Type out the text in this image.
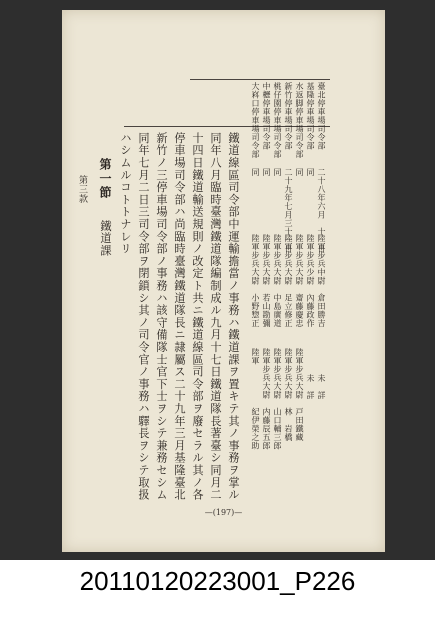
臺北停車場司令部
基隆停車場司令部
水返脚停車場司令部
新竹停車場司令部
桃仔園停車場司令部
中櫪停車場司令部
大嵙口停車場司令部
二十八年六月　十　日
同
同
二十九年七月三十一日
同
同
同
陸軍步兵中尉　倉田勝吉
陸軍步兵少尉　內藤政作
陸軍步兵大尉　齋藤慶忠
陸軍步兵大尉　足立修正
陸軍步兵大尉　中島廣道
陸軍步兵大尉　若山勘彌
陸軍步兵大尉　小野惣正
未　詳
未　詳
陸軍步兵大尉　戸田鐵藏
陸軍步兵大尉　林　岩橋
陸軍步兵大尉　山口輔三郎
陸軍步兵大尉　内藤辰五郎
陸軍　　　　　紀伊榮之助
鐵道線區司令部中運輸擔當ノ事務ハ鐵道課ヲ置キテ其ノ事務ヲ掌ル
同年八月臨時臺灣鐵道隊編制成ル九月十七日鐵道隊長著臺シ同月二
十四日鐵道輸送規則ノ改定ト共ニ鐵道線區司令部ヲ廢セラル其ノ各
停車場司令部ハ尚臨時臺灣鐵道隊長ニ隷屬ス二十九年三月基隆臺北
新竹ノ三停車場司令部ノ事務ハ該守備隊士官下士ヲシテ兼務セシム
同年七月二日三司令部ヲ閉鎖シ其ノ司令官ノ事務ハ驛長ヲシテ取扱
ハシムルコトトナレリ
第一節
鐵道課
第三款
—(197)—
20110120223001_P226
